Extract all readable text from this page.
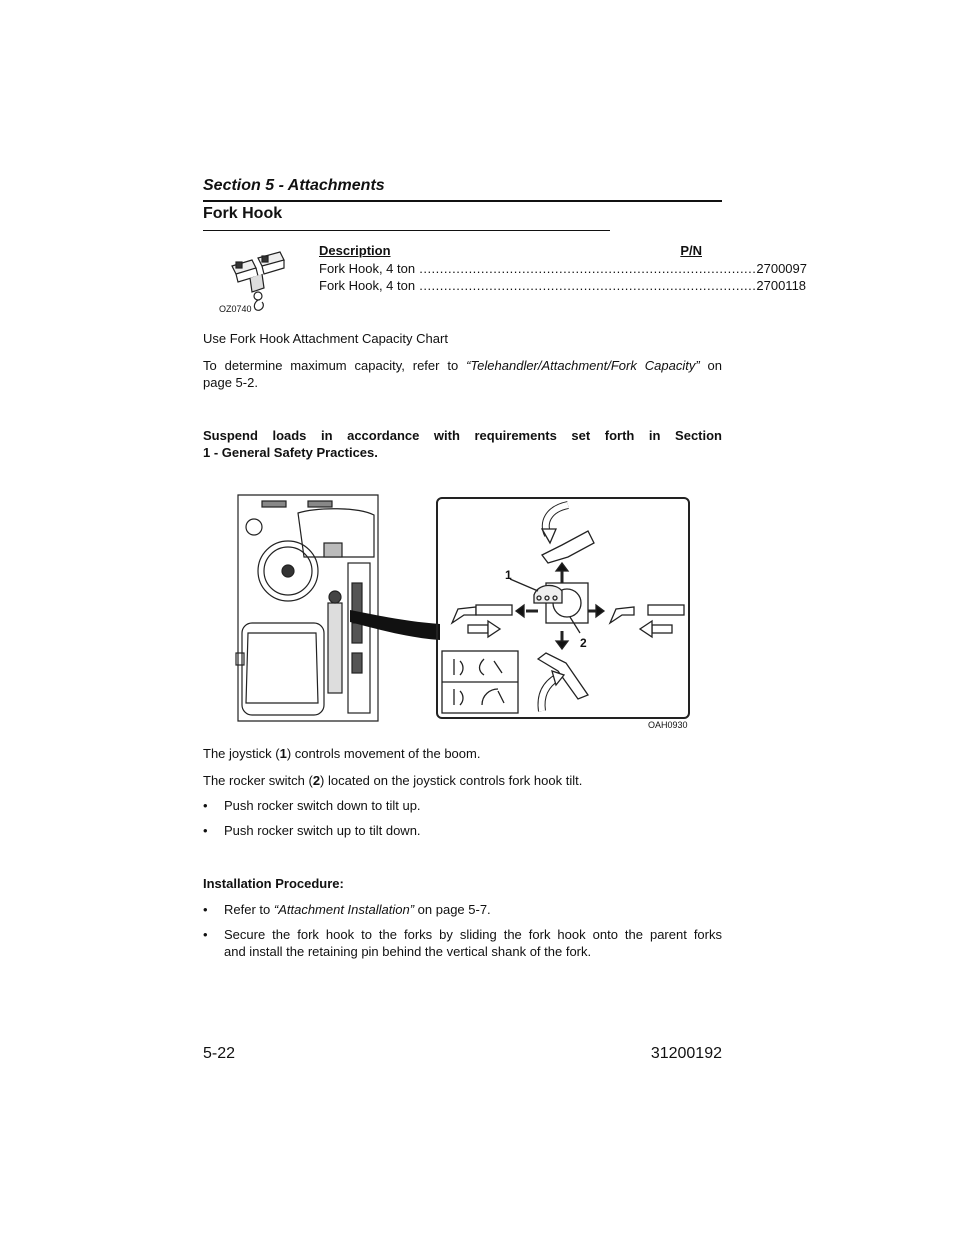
Section 5 - Attachments
Fork Hook
OZ0740
Description	P/N
Fork Hook, 4 ton .................................................................................. 2700097
Fork Hook, 4 ton .................................................................................. 2700118
Use Fork Hook Attachment Capacity Chart
To determine maximum capacity, refer to “Telehandler/Attachment/Fork Capacity” on
page 5-2.
Suspend loads in accordance with requirements set forth in Section
1 - General Safety Practices.
1
2
OAH0930
The joystick (1) controls movement of the boom.
The rocker switch (2) located on the joystick controls fork hook tilt.
• Push rocker switch down to tilt up.
• Push rocker switch up to tilt down.
Installation Procedure:
• Refer to “Attachment Installation” on page 5-7.
• Secure the fork hook to the forks by sliding the fork hook onto the parent forks
and install the retaining pin behind the vertical shank of the fork.
5-22	31200192
